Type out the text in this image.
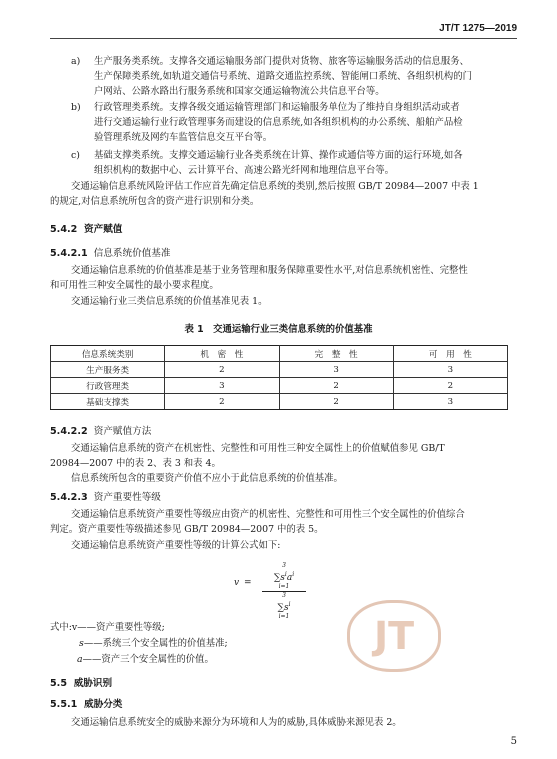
JT/T 1275—2019
a) 生产服务类系统。支撑各交通运输服务部门提供对货物、旅客等运输服务活动的信息服务、
生产保障类系统,如轨道交通信号系统、道路交通监控系统、智能闸口系统、各组织机构的门
户网站、公路水路出行服务系统和国家交通运输物流公共信息平台等。
b) 行政管理类系统。支撑各级交通运输管理部门和运输服务单位为了维持自身组织活动或者
进行交通运输行业行政管理事务而建设的信息系统,如各组织机构的办公系统、船舶产品检
验管理系统及网约车监管信息交互平台等。
c) 基础支撑类系统。支撑交通运输行业各类系统在计算、操作或通信等方面的运行环境,如各
组织机构的数据中心、云计算平台、高速公路光纤网和地理信息平台等。
交通运输信息系统风险评估工作应首先确定信息系统的类别,然后按照 GB/T 20984—2007 中表 1
的规定,对信息系统所包含的资产进行识别和分类。
5.4.2 资产赋值
5.4.2.1 信息系统价值基准
交通运输信息系统的价值基准是基于业务管理和服务保障重要性水平,对信息系统机密性、完整性
和可用性三种安全属性的最小要求程度。
交通运输行业三类信息系统的价值基准见表 1。
表 1　交通运输行业三类信息系统的价值基准
信息系统类别	机　密　性	完　整　性	可　用　性
生产服务类	2	3	3
行政管理类	3	2	2
基础支撑类	2	2	3
5.4.2.2 资产赋值方法
交通运输信息系统的资产在机密性、完整性和可用性三种安全属性上的价值赋值参见 GB/T
20984—2007 中的表 2、表 3 和表 4。
信息系统所包含的重要资产价值不应小于此信息系统的价值基准。
5.4.2.3 资产重要性等级
交通运输信息系统资产重要性等级应由资产的机密性、完整性和可用性三个安全属性的价值综合
判定。资产重要性等级描述参见 GB/T 20984—2007 中的表 5。
交通运输信息系统资产重要性等级的计算公式如下:
v =
3
$\sum s^ia^i$
i=1
3
$\sum s^i$
i=1
式中:v——资产重要性等级;
s——系统三个安全属性的价值基准;
a——资产三个安全属性的价值。
JT
5.5 威胁识别
5.5.1 威胁分类
交通运输信息系统安全的威胁来源分为环境和人为的威胁,具体威胁来源见表 2。
5
